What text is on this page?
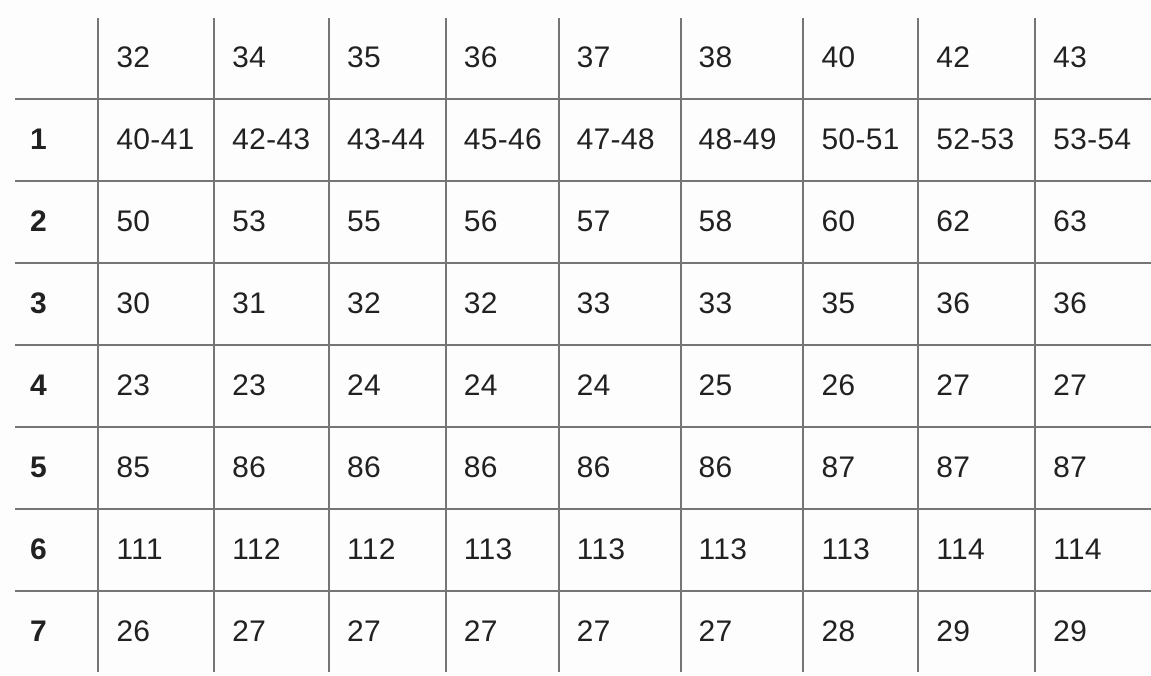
	32	34	35	36	37	38	40	42	43
1	40-41	42-43	43-44	45-46	47-48	48-49	50-51	52-53	53-54
2	50	53	55	56	57	58	60	62	63
3	30	31	32	32	33	33	35	36	36
4	23	23	24	24	24	25	26	27	27
5	85	86	86	86	86	86	87	87	87
6	111	112	112	113	113	113	113	114	114
7	26	27	27	27	27	27	28	29	29
